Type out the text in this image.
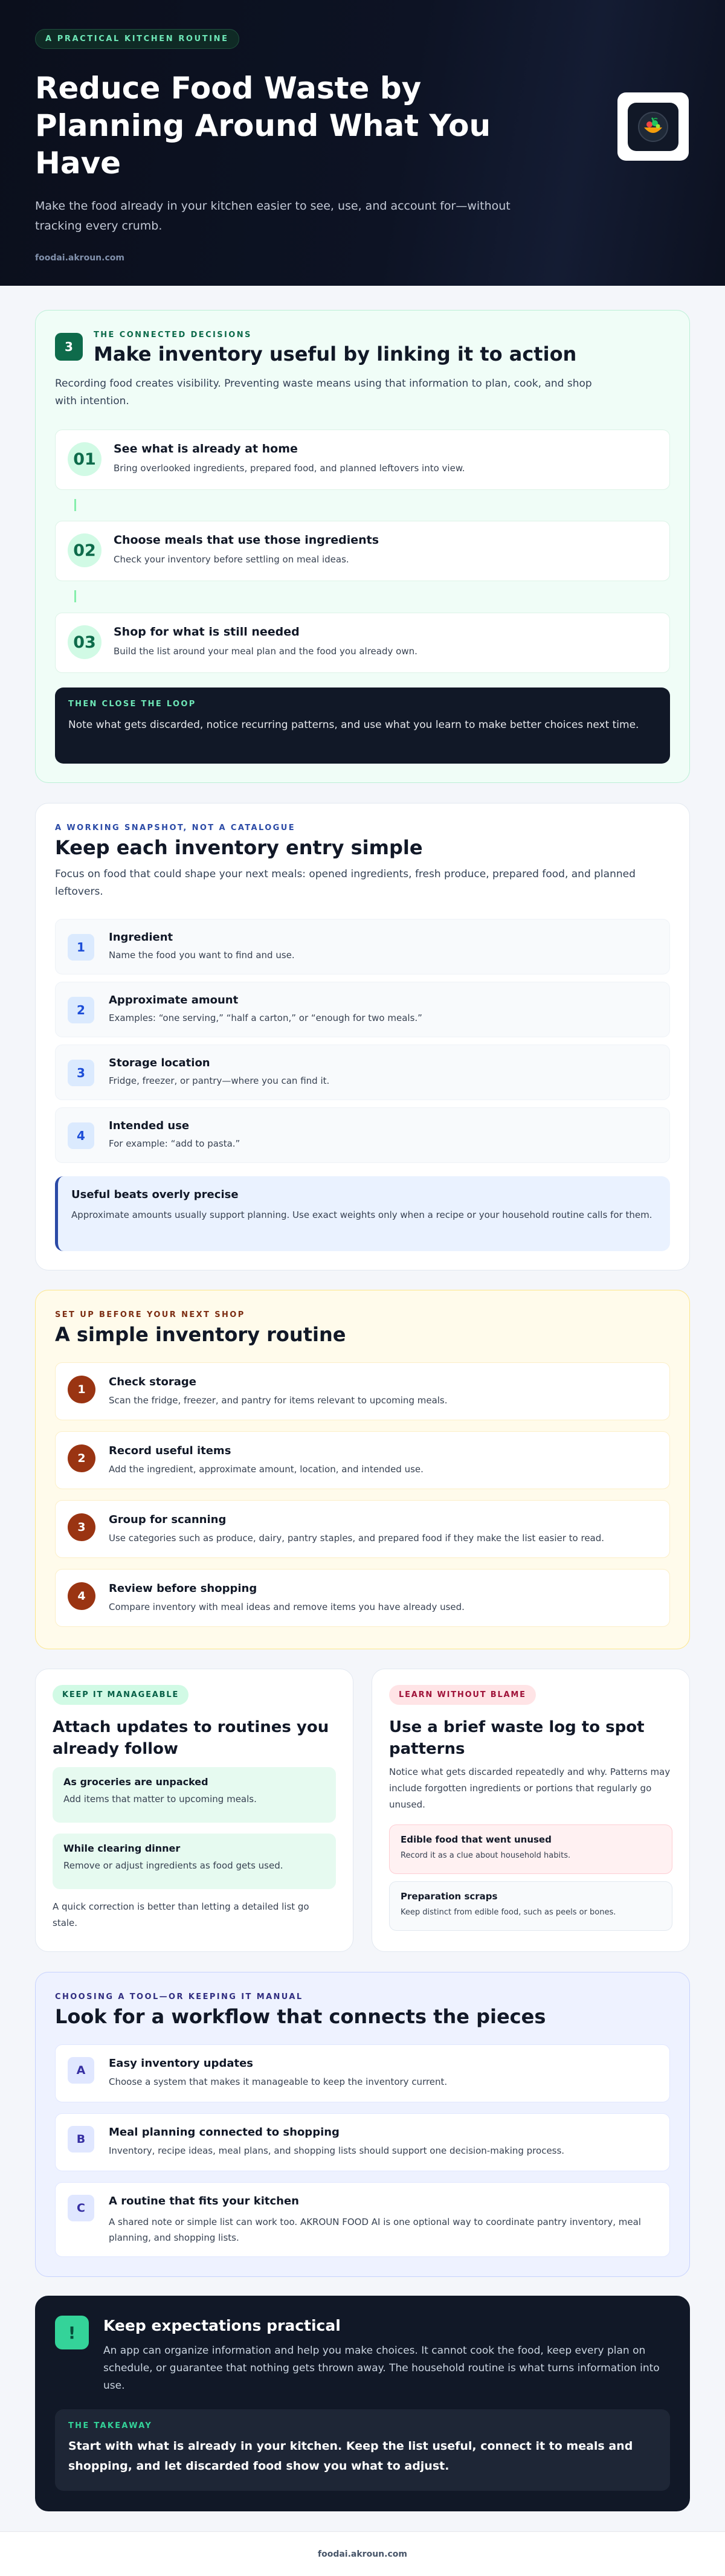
A PRACTICAL KITCHEN ROUTINE
Reduce Food Waste by Planning Around What You Have

Make the food already in your kitchen easier to see, use, and account for—without tracking every crumb.

foodai.akroun.com

3
THE CONNECTED DECISIONS
Make inventory useful by linking it to action

Recording food creates visibility. Preventing waste means using that information to plan, cook, and shop with intention.

01
See what is already at home
Bring overlooked ingredients, prepared food, and planned leftovers into view.
02
Choose meals that use those ingredients
Check your inventory before settling on meal ideas.
03
Shop for what is still needed
Build the list around your meal plan and the food you already own.
THEN CLOSE THE LOOP
Note what gets discarded, notice recurring patterns, and use what you learn to make better choices next time.
A WORKING SNAPSHOT, NOT A CATALOGUE
Keep each inventory entry simple

Focus on food that could shape your next meals: opened ingredients, fresh produce, prepared food, and planned leftovers.

1
Ingredient
Name the food you want to find and use.
2
Approximate amount
Examples: “one serving,” “half a carton,” or “enough for two meals.”
3
Storage location
Fridge, freezer, or pantry—where you can find it.
4
Intended use
For example: “add to pasta.”
Useful beats overly precise
Approximate amounts usually support planning. Use exact weights only when a recipe or your household routine calls for them.
SET UP BEFORE YOUR NEXT SHOP
A simple inventory routine
1
Check storage
Scan the fridge, freezer, and pantry for items relevant to upcoming meals.
2
Record useful items
Add the ingredient, approximate amount, location, and intended use.
3
Group for scanning
Use categories such as produce, dairy, pantry staples, and prepared food if they make the list easier to read.
4
Review before shopping
Compare inventory with meal ideas and remove items you have already used.
KEEP IT MANAGEABLE
Attach updates to routines you already follow
As groceries are unpacked
Add items that matter to upcoming meals.
While clearing dinner
Remove or adjust ingredients as food gets used.

A quick correction is better than letting a detailed list go stale.

LEARN WITHOUT BLAME
Use a brief waste log to spot patterns

Notice what gets discarded repeatedly and why. Patterns may include forgotten ingredients or portions that regularly go unused.

Edible food that went unused
Record it as a clue about household habits.
Preparation scraps
Keep distinct from edible food, such as peels or bones.
CHOOSING A TOOL—OR KEEPING IT MANUAL
Look for a workflow that connects the pieces
A
Easy inventory updates
Choose a system that makes it manageable to keep the inventory current.
B
Meal planning connected to shopping
Inventory, recipe ideas, meal plans, and shopping lists should support one decision-making process.
C
A routine that fits your kitchen
A shared note or simple list can work too. AKROUN FOOD AI is one optional way to coordinate pantry inventory, meal planning, and shopping lists.
!	Keep expectations practical

An app can organize information and help you make choices. It cannot cook the food, keep every plan on schedule, or guarantee that nothing gets thrown away. The household routine is what turns information into use.

THE TAKEAWAY
Start with what is already in your kitchen. Keep the list useful, connect it to meals and shopping, and let discarded food show you what to adjust.
foodai.akroun.com
